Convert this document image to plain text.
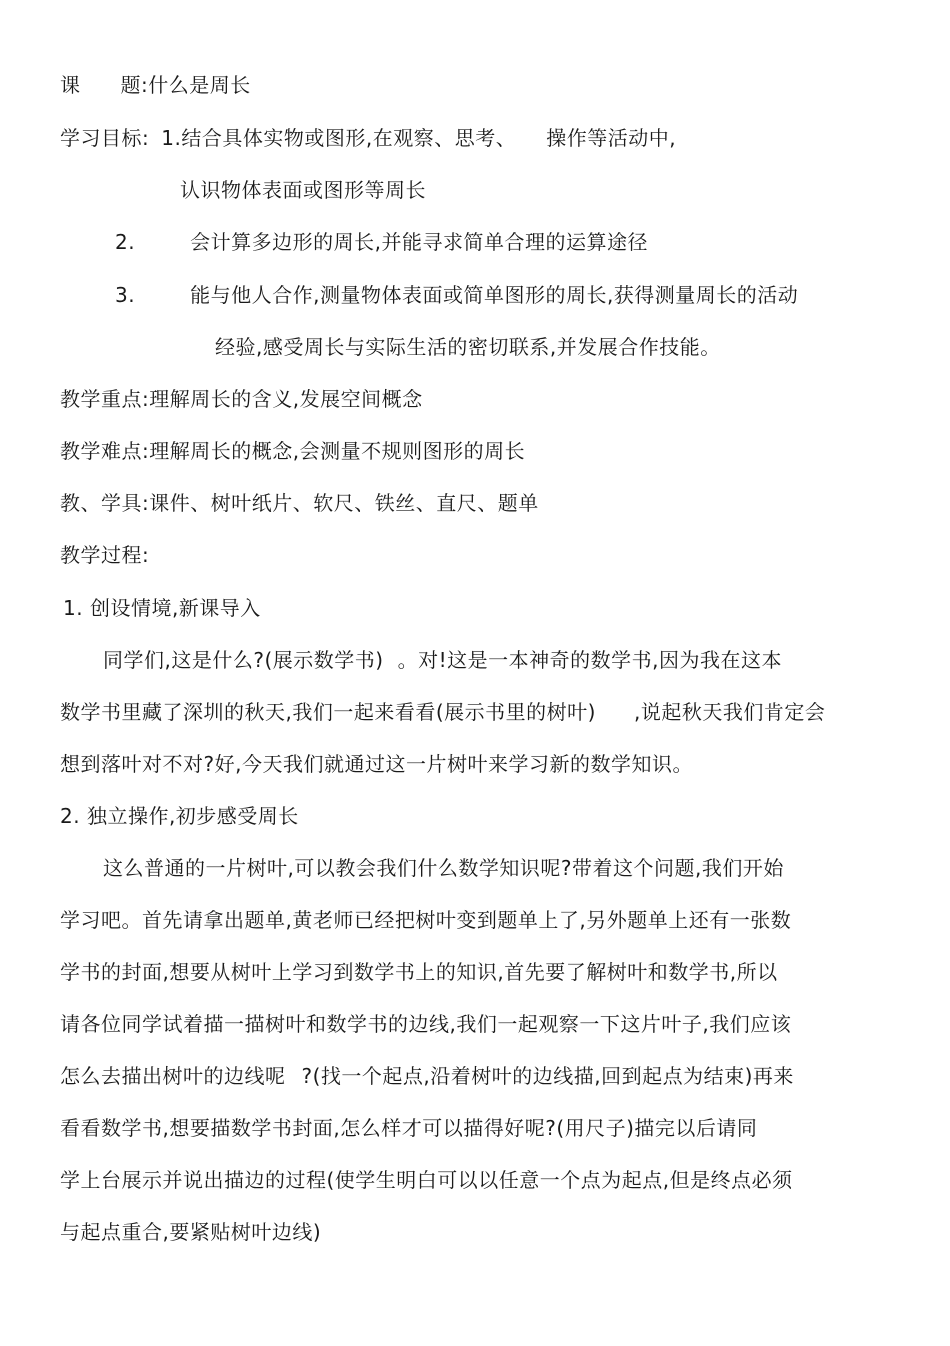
课 题:什么是周长
学习目标: 1.结合具体实物或图形,在观察、思考、 操作等活动中,
认识物体表面或图形等周长
2.	会计算多边形的周长,并能寻求简单合理的运算途径
3.	能与他人合作,测量物体表面或简单图形的周长,获得测量周长的活动
经验,感受周长与实际生活的密切联系,并发展合作技能。
教学重点:理解周长的含义,发展空间概念
教学难点:理解周长的概念,会测量不规则图形的周长
教、学具:课件、树叶纸片、软尺、铁丝、直尺、题单
教学过程:
1. 创设情境,新课导入
同学们,这是什么?(展示数学书) 。对!这是一本神奇的数学书,因为我在这本
数学书里藏了深圳的秋天,我们一起来看看(展示书里的树叶) ,说起秋天我们肯定会
想到落叶对不对?好,今天我们就通过这一片树叶来学习新的数学知识。
2. 独立操作,初步感受周长
这么普通的一片树叶,可以教会我们什么数学知识呢?带着这个问题,我们开始
学习吧。首先请拿出题单,黄老师已经把树叶变到题单上了,另外题单上还有一张数
学书的封面,想要从树叶上学习到数学书上的知识,首先要了解树叶和数学书,所以
请各位同学试着描一描树叶和数学书的边线,我们一起观察一下这片叶子,我们应该
怎么去描出树叶的边线呢 ?(找一个起点,沿着树叶的边线描,回到起点为结束)再来
看看数学书,想要描数学书封面,怎么样才可以描得好呢?(用尺子)描完以后请同
学上台展示并说出描边的过程(使学生明白可以以任意一个点为起点,但是终点必须
与起点重合,要紧贴树叶边线)
